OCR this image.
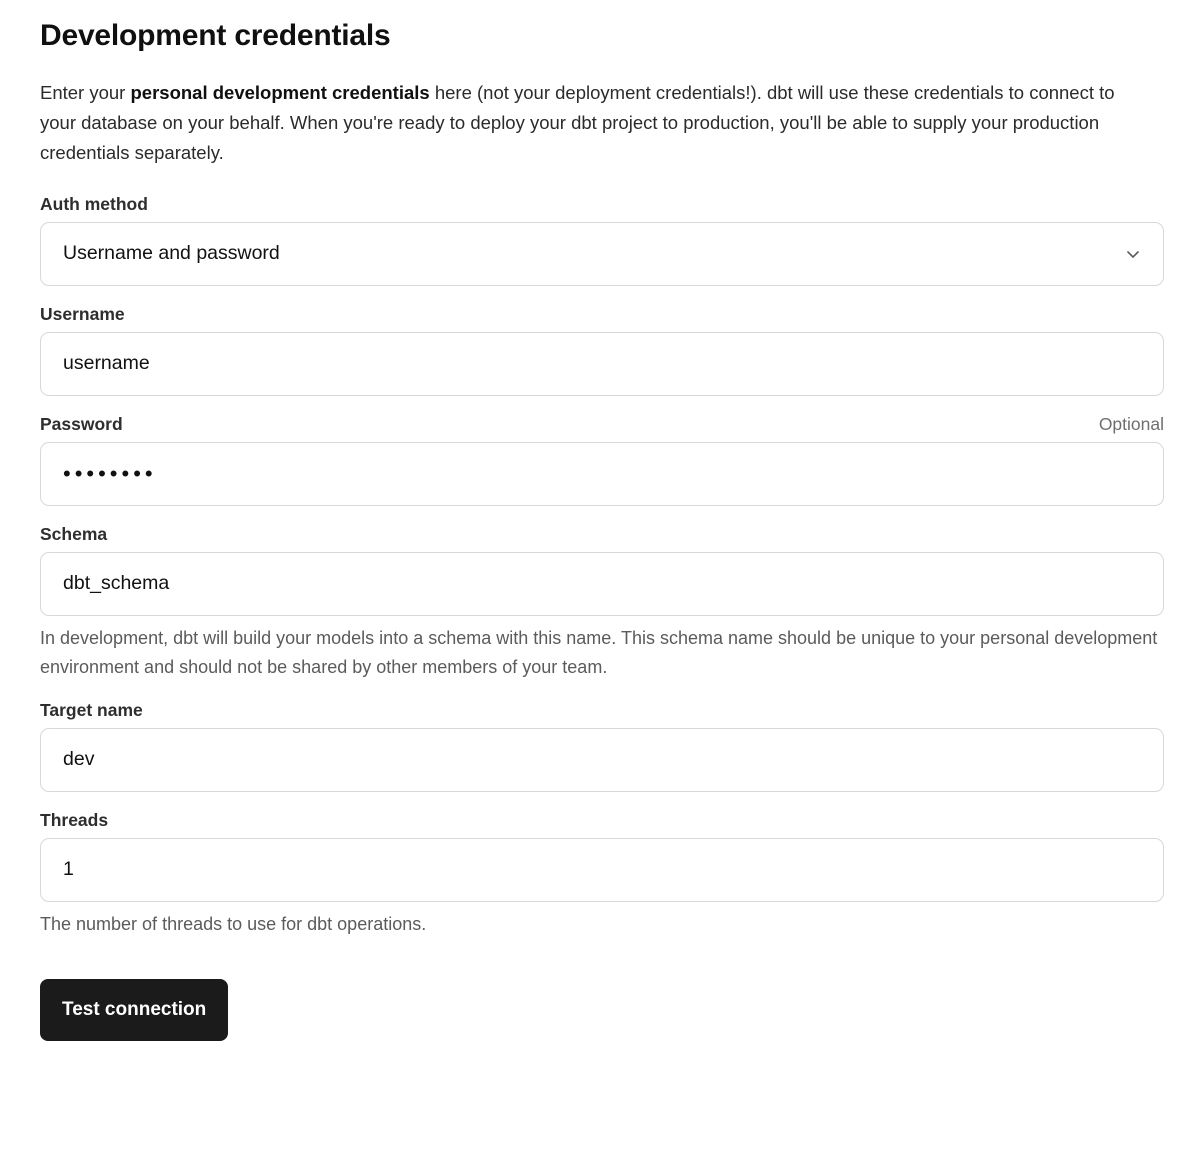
Development credentials

Enter your personal development credentials here (not your deployment credentials!). dbt will use these credentials to connect to your database on your behalf. When you're ready to deploy your dbt project to production, you'll be able to supply your production credentials separately.

Auth method
Username and password
Username
username
Password	Optional
••••••••
Schema
dbt_schema

In development, dbt will build your models into a schema with this name. This schema name should be unique to your personal development environment and should not be shared by other members of your team.

Target name
dev
Threads
1

The number of threads to use for dbt operations.

Test connection
